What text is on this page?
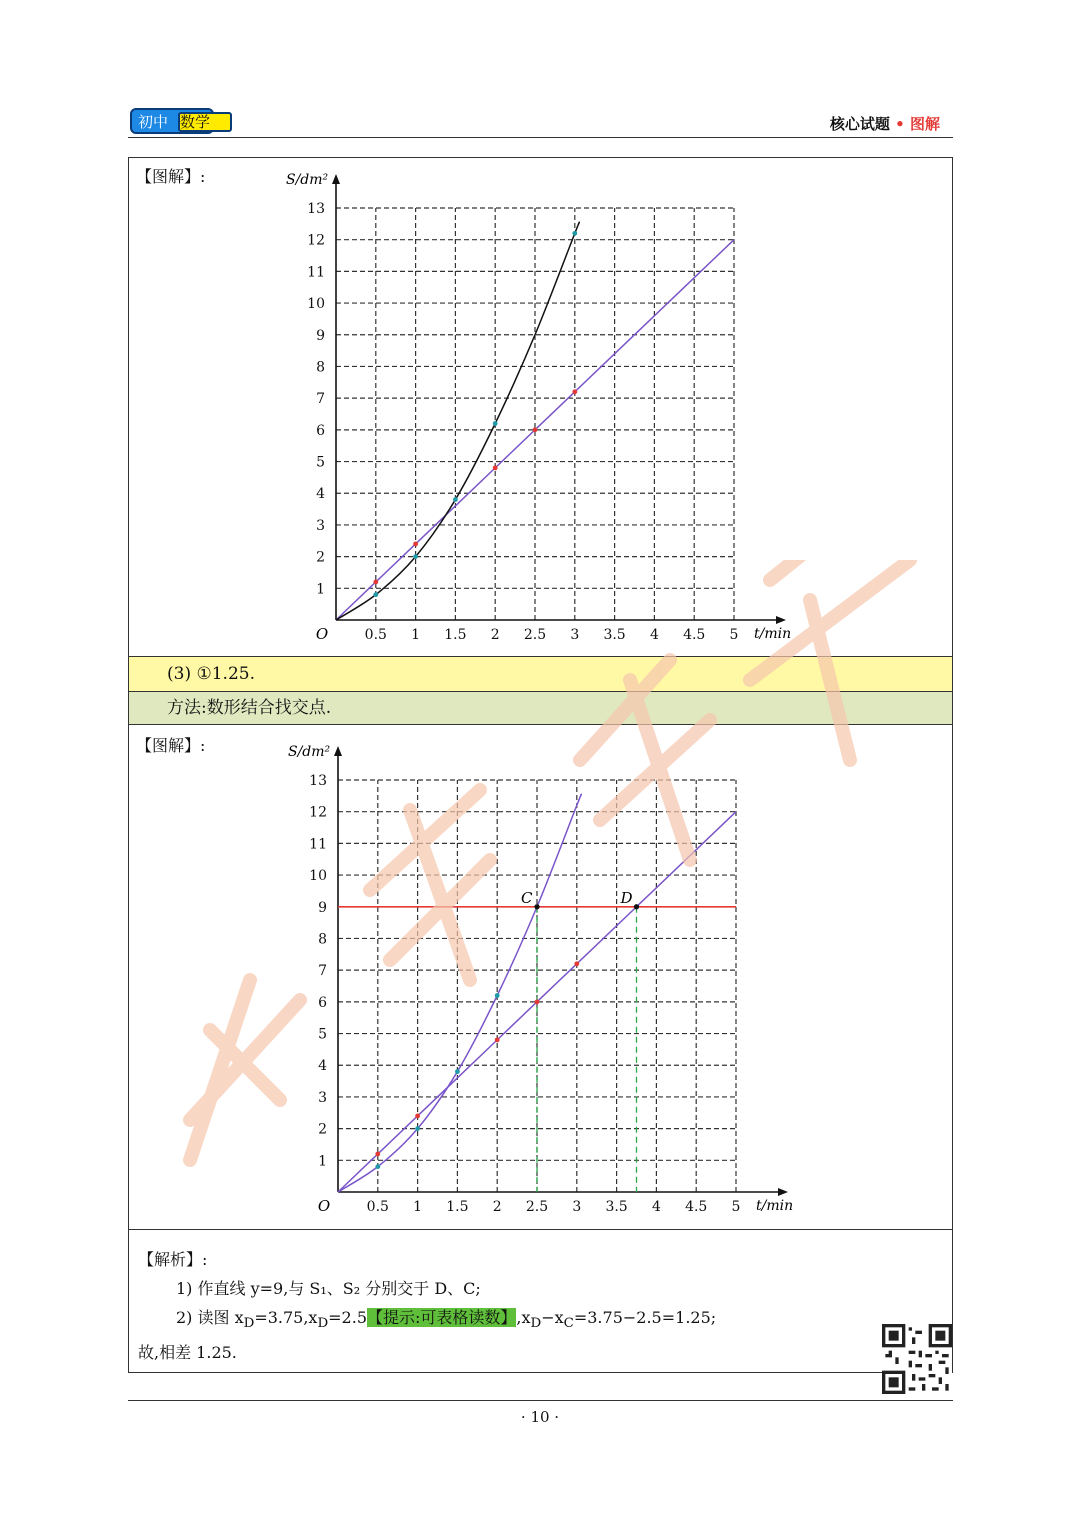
初中 数学	核心试题 • 图解
【图解】:
(3) ①1.25.
方法:数形结合找交点.
【图解】:
0.5 1 1.5 2 2.5 3 3.5 4 4.5 5
1
2
3
4
5
6
7
8
9
10
11
12
13
O	t/min
S/dm²
0.5 1 1.5 2 2.5 3 3.5 4 4.5 5
1
2
3
4
5
6
7
8
9
10
11
12
13
O	t/min
S/dm²
C	D

【解析】:

1) 作直线 y=9,与 S₁、S₂ 分别交于 D、C;

2) 读图 $x_D=3.75,x_D=2.5$【提示:可表格读数】$,x_D-x_C=3.75-2.5=1.25$;

故,相差 1.25.

· 10 ·
